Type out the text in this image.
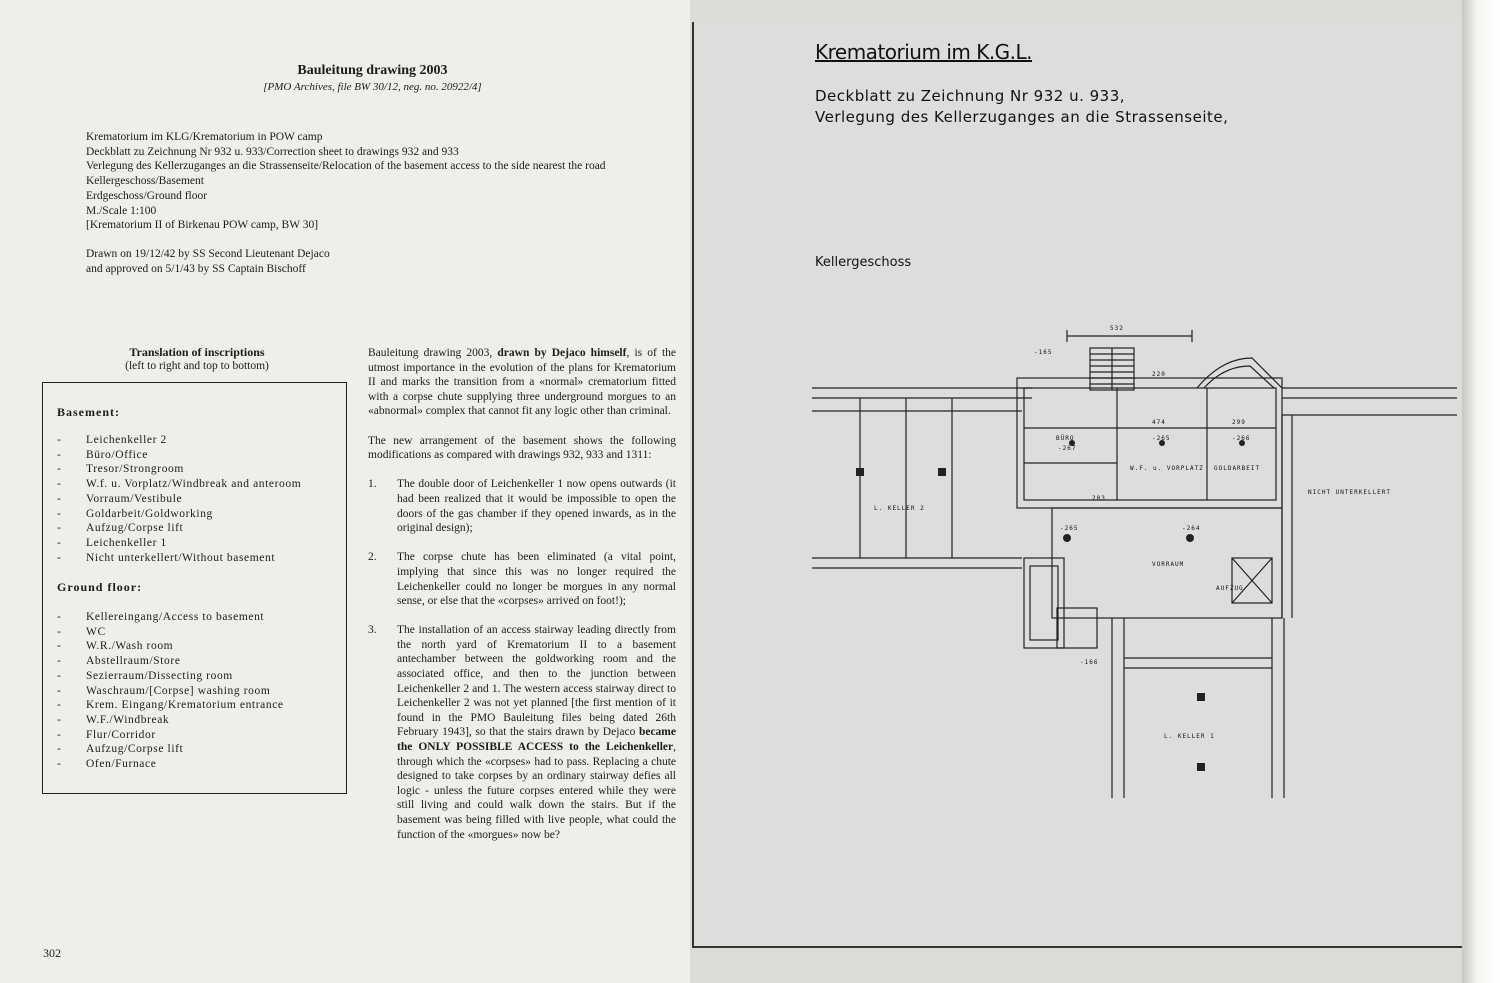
Bauleitung drawing 2003
[PMO Archives, file BW 30/12, neg. no. 20922/4]
Krematorium im KLG/Krematorium in POW camp
Deckblatt zu Zeichnung Nr 932 u. 933/Correction sheet to drawings 932 and 933
Verlegung des Kellerzuganges an die Strassenseite/Relocation of the basement access to the side nearest the road
Kellergeschoss/Basement
Erdgeschoss/Ground floor
M./Scale 1:100
[Krematorium II of Birkenau POW camp, BW 30]
Drawn on 19/12/42 by SS Second Lieutenant Dejaco
and approved on 5/1/43 by SS Captain Bischoff
Translation of inscriptions
(left to right and top to bottom)
Basement:
- Leichenkeller 2
- Büro/Office
- Tresor/Strongroom
- W.f. u. Vorplatz/Windbreak and anteroom
- Vorraum/Vestibule
- Goldarbeit/Goldworking
- Aufzug/Corpse lift
- Leichenkeller 1
- Nicht unterkellert/Without basement
Ground floor:
- Kellereingang/Access to basement
- WC
- W.R./Wash room
- Abstellraum/Store
- Sezierraum/Dissecting room
- Waschraum/[Corpse] washing room
- Krem. Eingang/Krematorium entrance
- W.F./Windbreak
- Flur/Corridor
- Aufzug/Corpse lift
- Ofen/Furnace

Bauleitung drawing 2003, drawn by Dejaco himself, is of the utmost importance in the evolution of the plans for Krematorium II and marks the transition from a «normal» crematorium fitted with a corpse chute supplying three underground morgues to an «abnormal» complex that cannot fit any logic other than criminal.

The new arrangement of the basement shows the following modifications as compared with drawings 932, 933 and 1311:

1. The double door of Leichenkeller 1 now opens outwards (it had been realized that it would be impossible to open the doors of the gas chamber if they opened inwards, as in the original design);
2. The corpse chute has been eliminated (a vital point, implying that since this was no longer required the Leichenkeller could no longer be morgues in any normal sense, or else that the «corpses» arrived on foot!);
3. The installation of an access stairway leading directly from the north yard of Krematorium II to a basement antechamber between the goldworking room and the associated office, and then to the junction between Leichenkeller 2 and 1. The western access stairway direct to Leichenkeller 2 was not yet planned [the first mention of it found in the PMO Bauleitung files being dated 26th February 1943], so that the stairs drawn by Dejaco became the ONLY POSSIBLE ACCESS to the Leichenkeller, through which the «corpses» had to pass. Replacing a chute designed to take corpses by an ordinary stairway defies all logic - unless the future corpses entered while they were still living and could walk down the stairs. But if the basement was being filled with live people, what could the function of the «morgues» now be?
302
Krematorium im K.G.L.
Deckblatt zu Zeichnung Nr 932 u. 933,
Verlegung des Kellerzuganges an die Strassenseite,
Kellergeschoss
L. KELLER 2
L. KELLER 1
VORRAUM
W.F. u. VORPLATZ GOLDARBEIT
NICHT UNTERKELLERT
AUFZUG
BÜRO
532
-165
220
-265	-266
474	299
-264
-265
-166
203
-267
